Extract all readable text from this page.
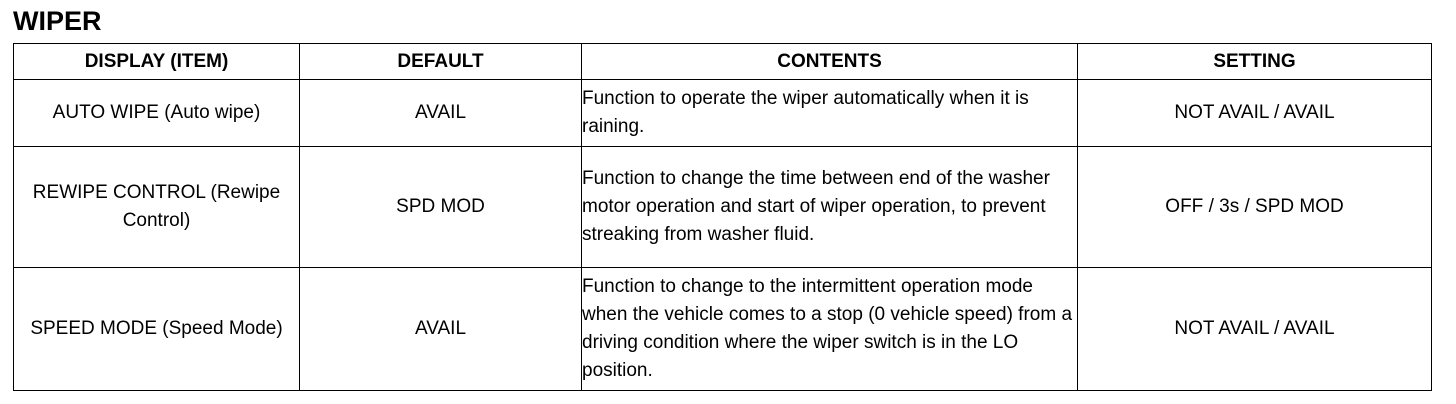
WIPER
DISPLAY (ITEM)	DEFAULT	CONTENTS	SETTING
AUTO WIPE (Auto wipe)	AVAIL	Function to operate the wiper automatically when it is raining.	NOT AVAIL / AVAIL
REWIPE CONTROL (Rewipe Control)	SPD MOD	Function to change the time between end of the washer motor operation and start of wiper operation, to prevent streaking from washer fluid.	OFF / 3s / SPD MOD
SPEED MODE (Speed Mode)	AVAIL	Function to change to the intermittent operation mode when the vehicle comes to a stop (0 vehicle speed) from a driving condition where the wiper switch is in the LO position.	NOT AVAIL / AVAIL
